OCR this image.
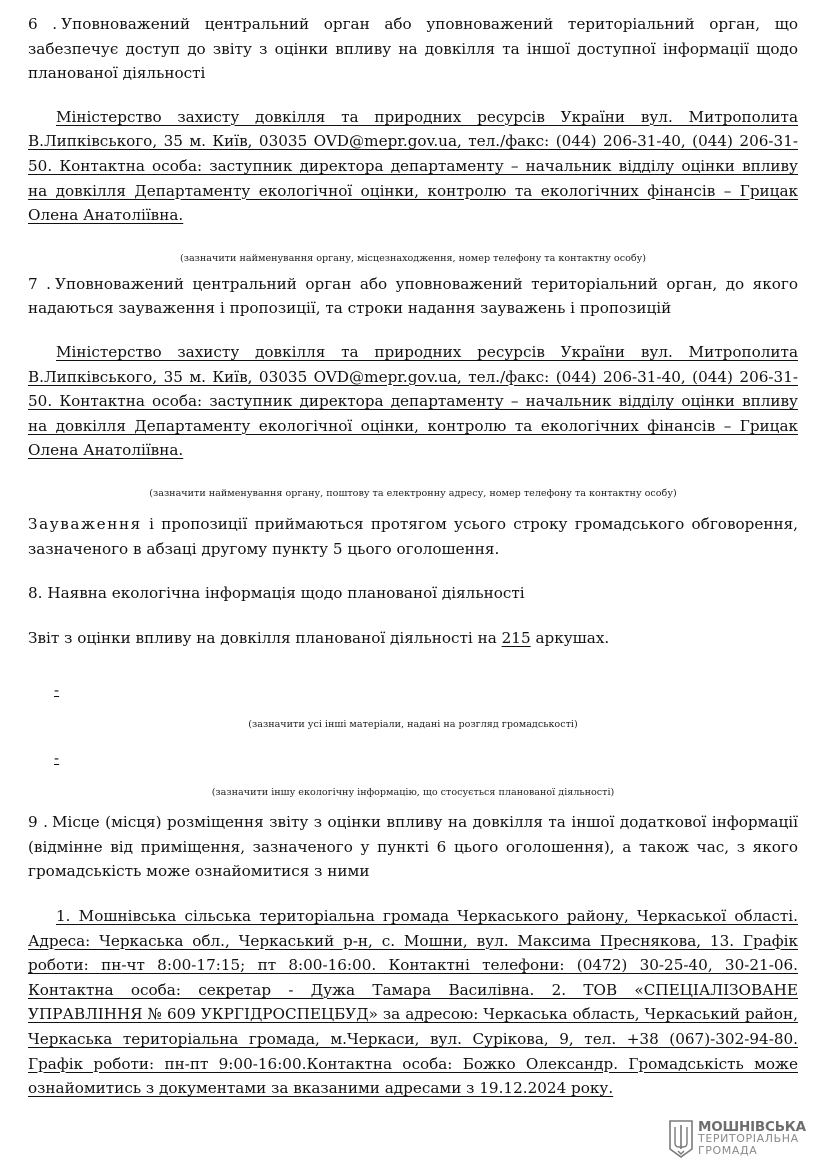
6 . Уповноважений центральний орган або уповноважений територіальний орган, що забезпечує доступ до звіту з оцінки впливу на довкілля та іншої доступної інформації щодо планованої діяльності

Міністерство захисту довкілля та природних ресурсів України вул. Митрополита В.Липківського, 35 м. Київ, 03035 OVD@mepr.gov.ua, тел./факс: (044) 206-31-40, (044) 206-31-50. Контактна особа: заступник директора департаменту – начальник відділу оцінки впливу на довкілля Департаменту екологічної оцінки, контролю та екологічних фінансів – Грицак Олена Анатоліївна.

(зазначити найменування органу, місцезнаходження, номер телефону та контактну особу)

7 . Уповноважений центральний орган або уповноважений територіальний орган, до якого надаються зауваження і пропозиції, та строки надання зауважень і пропозицій

Міністерство захисту довкілля та природних ресурсів України вул. Митрополита В.Липківського, 35 м. Київ, 03035 OVD@mepr.gov.ua, тел./факс: (044) 206-31-40, (044) 206-31-50. Контактна особа: заступник директора департаменту – начальник відділу оцінки впливу на довкілля Департаменту екологічної оцінки, контролю та екологічних фінансів – Грицак Олена Анатоліївна.

(зазначити найменування органу, поштову та електронну адресу, номер телефону та контактну особу)

Зауваження і пропозиції приймаються протягом усього строку громадського обговорення, зазначеного в абзаці другому пункту 5 цього оголошення.

8. Наявна екологічна інформація щодо планованої діяльності

Звіт з оцінки впливу на довкілля планованої діяльності на 215 аркушах.

-

(зазначити усі інші матеріали, надані на розгляд громадськості)

-

(зазначити іншу екологічну інформацію, що стосується планованої діяльності)

9 . Місце (місця) розміщення звіту з оцінки впливу на довкілля та іншої додаткової інформації (відмінне від приміщення, зазначеного у пункті 6 цього оголошення), а також час, з якого громадськість може ознайомитися з ними

1. Мошнівська сільська територіальна громада Черкаського району, Черкаської області. Адреса: Черкаська обл., Черкаський р-н, с. Мошни, вул. Максима Преснякова, 13. Графік роботи: пн-чт 8:00-17:15; пт 8:00-16:00. Контактні телефони: (0472) 30-25-40, 30-21-06. Контактна особа: секретар - Дужа Тамара Василівна. 2. ТОВ «СПЕЦІАЛІЗОВАНЕ УПРАВЛІННЯ № 609 УКРГІДРОСПЕЦБУД» за адресою: Черкаська область, Черкаський район, Черкаська територіальна громада, м.Черкаси, вул. Сурікова, 9, тел. +38 (067)-302-94-80. Графік роботи: пн-пт 9:00-16:00.Контактна особа: Божко Олександр. Громадськість може ознайомитись з документами за вказаними адресами з 19.12.2024 року.

МОШНІВСЬКА
ТЕРИТОРІАЛЬНА
ГРОМАДА
